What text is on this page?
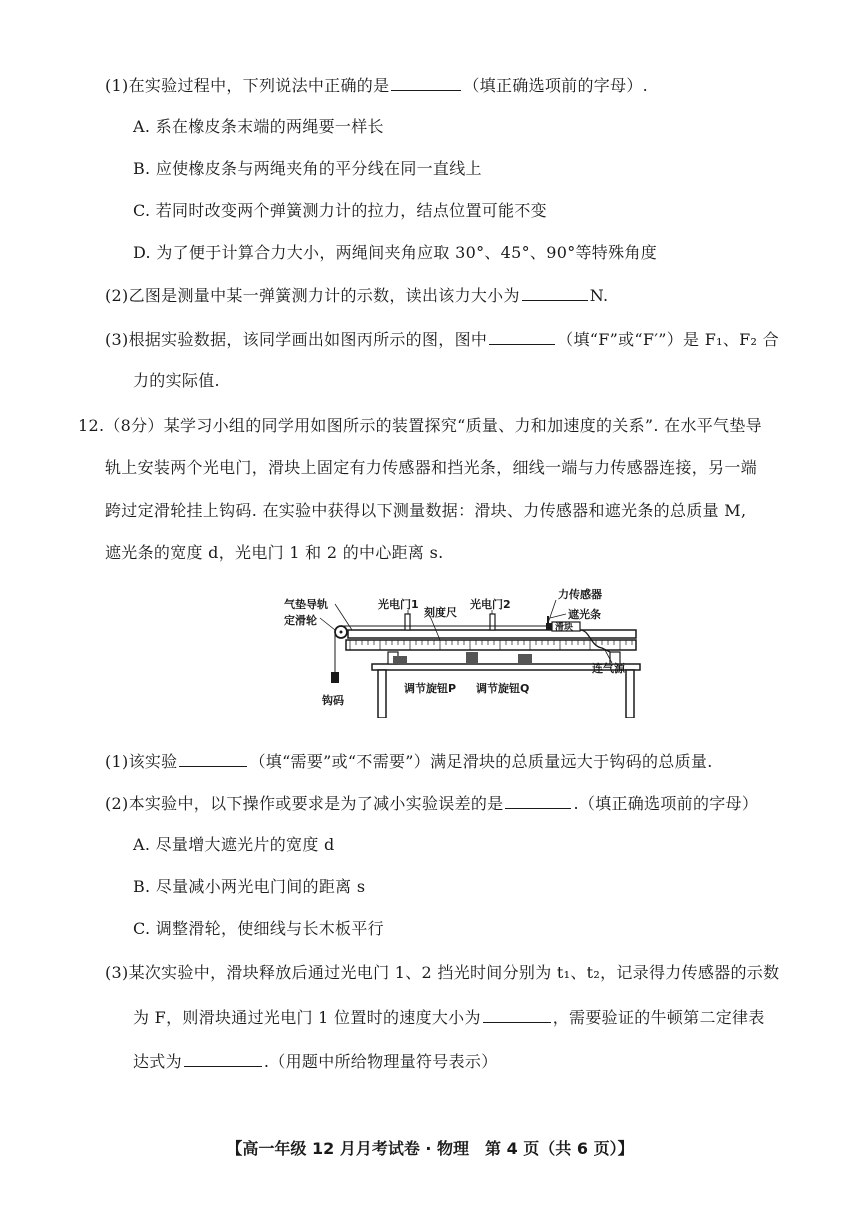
(1)在实验过程中，下列说法中正确的是	（填正确选项前的字母）.
A. 系在橡皮条末端的两绳要一样长
B. 应使橡皮条与两绳夹角的平分线在同一直线上
C. 若同时改变两个弹簧测力计的拉力，结点位置可能不变
D. 为了便于计算合力大小，两绳间夹角应取 30°、45°、90°等特殊角度
(2)乙图是测量中某一弹簧测力计的示数，读出该力大小为	N.
(3)根据实验数据，该同学画出如图丙所示的图，图中	（填“F”或“F′”）是 F₁、F₂ 合
力的实际值.
12.（8分）某学习小组的同学用如图所示的装置探究“质量、力和加速度的关系”. 在水平气垫导
轨上安装两个光电门，滑块上固定有力传感器和挡光条，细线一端与力传感器连接，另一端
跨过定滑轮挂上钩码. 在实验中获得以下测量数据：滑块、力传感器和遮光条的总质量 M,
遮光条的宽度 d，光电门 1 和 2 的中心距离 s.
气垫导轨	光电门1	光电门2
力传感器
遮光条
定滑轮
刻度尺
滑块
连气源
调节旋钮P 调节旋钮Q
钩码
(1)该实验	（填“需要”或“不需要”）满足滑块的总质量远大于钩码的总质量.
(2)本实验中，以下操作或要求是为了减小实验误差的是	.（填正确选项前的字母）
A. 尽量增大遮光片的宽度 d
B. 尽量减小两光电门间的距离 s
C. 调整滑轮，使细线与长木板平行
(3)某次实验中，滑块释放后通过光电门 1、2 挡光时间分别为 t₁、t₂，记录得力传感器的示数
为 F，则滑块通过光电门 1 位置时的速度大小为	，需要验证的牛顿第二定律表
达式为	.（用题中所给物理量符号表示）
【高一年级 12 月月考试卷 · 物理　第 4 页（共 6 页）】
